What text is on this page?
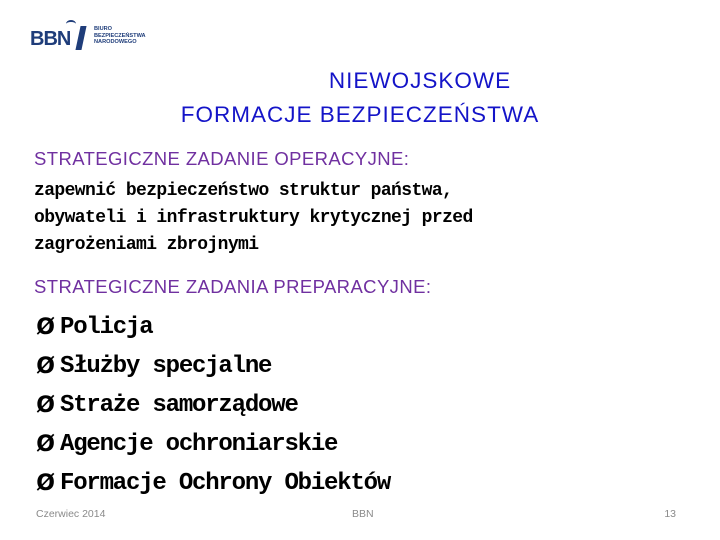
BBN	BIURO
BEZPIECZEŃSTWA
NARODOWEGO
NIEWOJSKOWE
FORMACJE BEZPIECZEŃSTWA
STRATEGICZNE ZADANIE OPERACYJNE:
zapewnić bezpieczeństwo struktur państwa,
obywateli i infrastruktury krytycznej przed
zagrożeniami zbrojnymi
STRATEGICZNE ZADANIA PREPARACYJNE:
Ø Policja
Ø Służby specjalne
Ø Straże samorządowe
Ø Agencje ochroniarskie
Ø Formacje Ochrony Obiektów
Czerwiec 2014	BBN	13
